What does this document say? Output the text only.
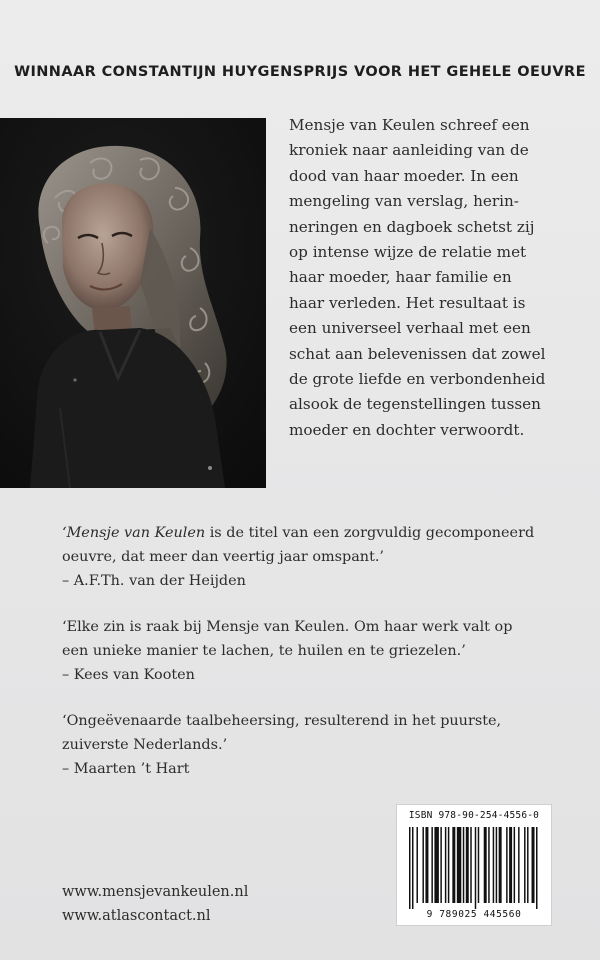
WINNAAR CONSTANTIJN HUYGENSPRIJS VOOR HET GEHELE OEUVRE
Mensje van Keulen schreef een
kroniek naar aanleiding van de
dood van haar moeder. In een
mengeling van verslag, herin-
neringen en dagboek schetst zij
op intense wijze de relatie met
haar moeder, haar familie en
haar verleden. Het resultaat is
een universeel verhaal met een
schat aan belevenissen dat zowel
de grote liefde en verbondenheid
alsook de tegenstellingen tussen
moeder en dochter verwoordt.
‘Mensje van Keulen is de titel van een zorgvuldig gecomponeerd
oeuvre, dat meer dan veertig jaar omspant.’
– A.F.Th. van der Heijden
‘Elke zin is raak bij Mensje van Keulen. Om haar werk valt op
een unieke manier te lachen, te huilen en te griezelen.’
– Kees van Kooten
‘Ongeëvenaarde taalbeheersing, resulterend in het puurste,
zuiverste Nederlands.’
– Maarten ’t Hart
www.mensjevankeulen.nl
www.atlascontact.nl
ISBN 978-90-254-4556-0
9 789025 445560
